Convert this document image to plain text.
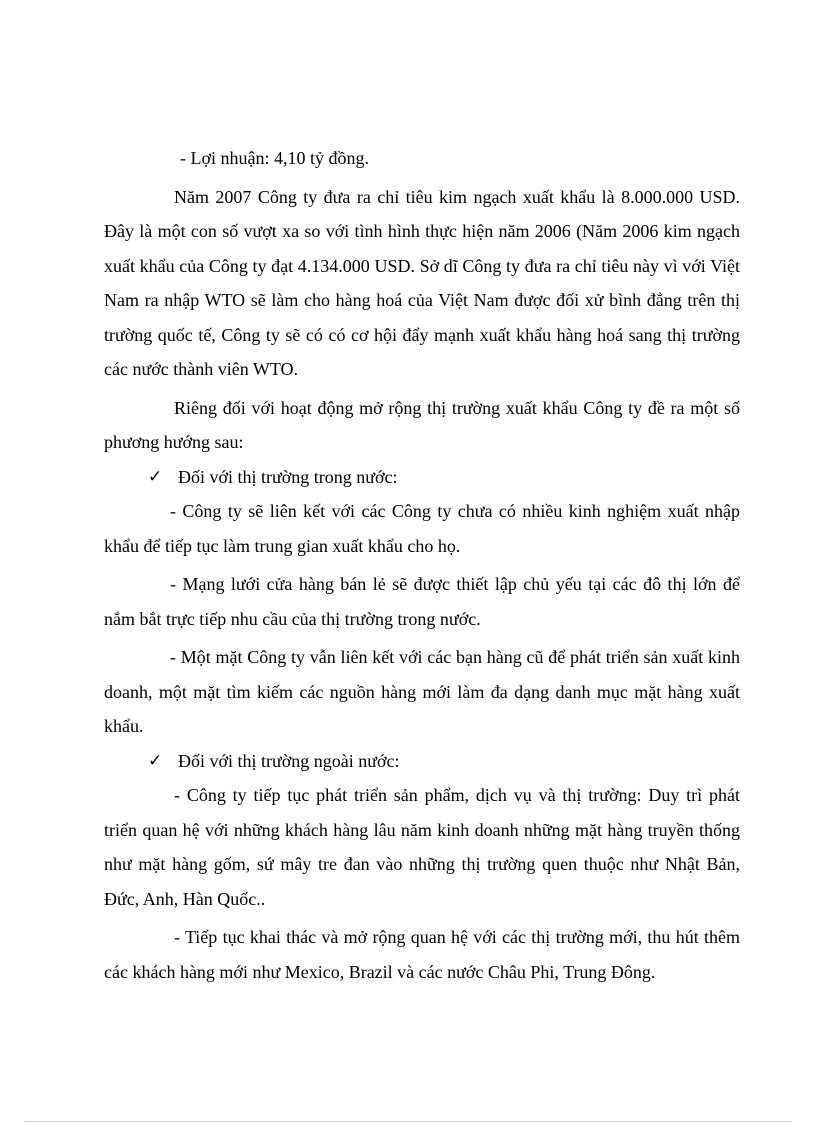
- Lợi nhuận: 4,10 tỷ đồng.

Năm 2007 Công ty đưa ra chỉ tiêu kim ngạch xuất khẩu là 8.000.000 USD. Đây là một con số vượt xa so với tình hình thực hiện năm 2006 (Năm 2006 kim ngạch xuất khẩu của Công ty đạt 4.134.000 USD. Sở dĩ Công ty đưa ra chỉ tiêu này vì với Việt Nam ra nhập WTO sẽ làm cho hàng hoá của Việt Nam được đối xử bình đẳng trên thị trường quốc tế, Công ty sẽ có có cơ hội đẩy mạnh xuất khẩu hàng hoá sang thị trường các nước thành viên WTO.

Riêng đối với hoạt động mở rộng thị trường xuất khẩu Công ty đề ra một số phương hướng sau:

✓ Đối với thị trường trong nước:

- Công ty sẽ liên kết với các Công ty chưa có nhiều kinh nghiệm xuất nhập khẩu để tiếp tục làm trung gian xuất khẩu cho họ.

- Mạng lưới cửa hàng bán lẻ sẽ được thiết lập chủ yếu tại các đô thị lớn để nắm bắt trực tiếp nhu cầu của thị trường trong nước.

- Một mặt Công ty vẫn liên kết với các bạn hàng cũ để phát triển sản xuất kinh doanh, một mặt tìm kiếm các nguồn hàng mới làm đa dạng danh mục mặt hàng xuất khẩu.

✓ Đối với thị trường ngoài nước:

- Công ty tiếp tục phát triển sản phẩm, dịch vụ và thị trường: Duy trì phát triển quan hệ với những khách hàng lâu năm kinh doanh những mặt hàng truyền thống như mặt hàng gốm, sứ mây tre đan vào những thị trường quen thuộc như Nhật Bản, Đức, Anh, Hàn Quốc..

- Tiếp tục khai thác và mở rộng quan hệ với các thị trường mới, thu hút thêm các khách hàng mới như Mexico, Brazil và các nước Châu Phi, Trung Đông.
